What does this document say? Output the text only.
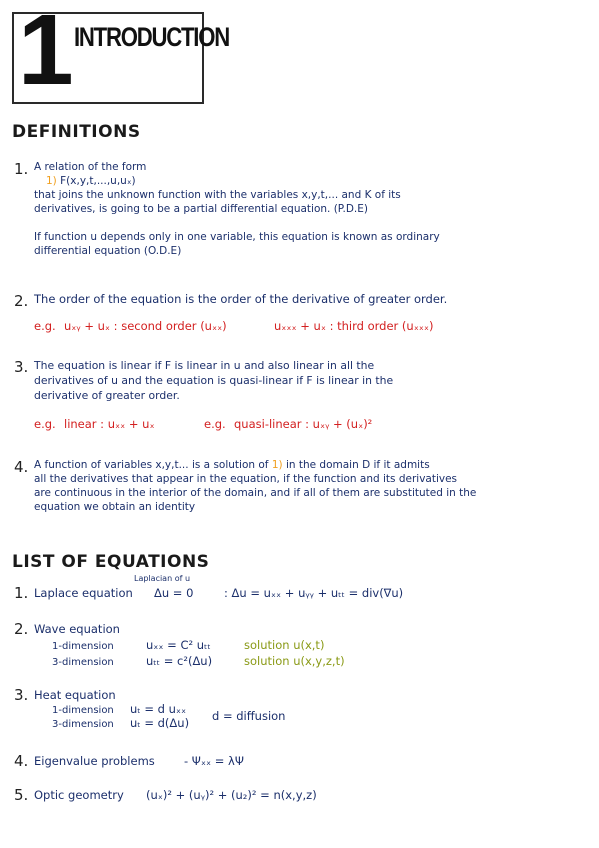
1 INTRODUCTION
DEFINITIONS
1. A relation of the form
1) F(x,y,t,...,u,uₓ)
that joins the unknown function with the variables x,y,t,... and K of its
derivatives, is going to be a partial differential equation. (P.D.E)
If function u depends only in one variable, this equation is known as ordinary
differential equation (O.D.E)
2. The order of the equation is the order of the derivative of greater order.
e.g. uₓᵧ + uₓ : second order (uₓₓ)	uₓₓₓ + uₓ : third order (uₓₓₓ)
3. The equation is linear if F is linear in u and also linear in all the
derivatives of u and the equation is quasi-linear if F is linear in the
derivative of greater order.
e.g. linear : uₓₓ + uₓ	e.g. quasi-linear : uₓᵧ + (uₓ)²
4. A function of variables x,y,t... is a solution of 1) in the domain D if it admits
all the derivatives that appear in the equation, if the function and its derivatives
are continuous in the interior of the domain, and if all of them are substituted in the
equation we obtain an identity
LIST OF EQUATIONS
1.
Laplacian of u
Laplace equation Δu = 0	: Δu = uₓₓ + uᵧᵧ + uₜₜ = div(∇u)
2. Wave equation
1-dimension	uₓₓ = C² uₜₜ	solution u(x,t)
3-dimension	uₜₜ = c²(Δu)	solution u(x,y,z,t)
3. Heat equation
1-dimension uₜ = d uₓₓ
3-dimension uₜ = d(Δu) d = diffusion
4. Eigenvalue problems	- Ψₓₓ = λΨ
5. Optic geometry (uₓ)² + (uᵧ)² + (u₂)² = n(x,y,z)
